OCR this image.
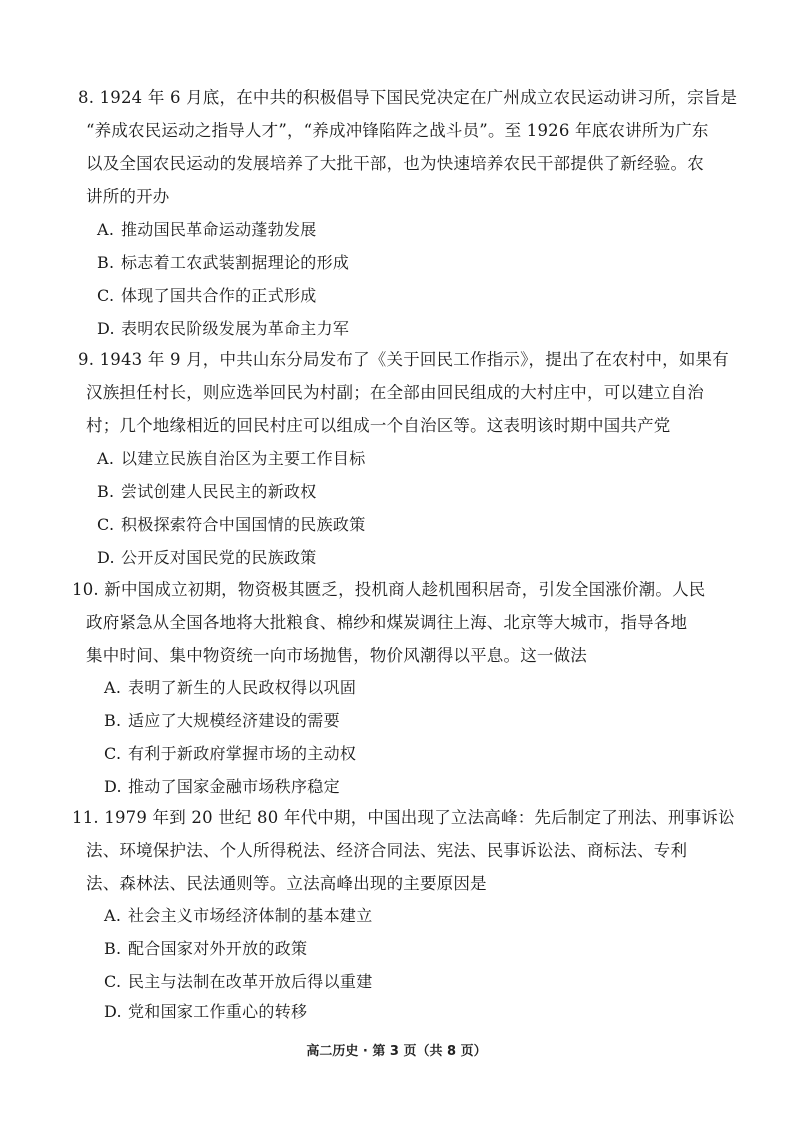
8. 1924 年 6 月底，在中共的积极倡导下国民党决定在广州成立农民运动讲习所，宗旨是
“养成农民运动之指导人才”，“养成冲锋陷阵之战斗员”。至 1926 年底农讲所为广东
以及全国农民运动的发展培养了大批干部，也为快速培养农民干部提供了新经验。农
讲所的开办
A. 推动国民革命运动蓬勃发展
B. 标志着工农武装割据理论的形成
C. 体现了国共合作的正式形成
D. 表明农民阶级发展为革命主力军
9. 1943 年 9 月，中共山东分局发布了《关于回民工作指示》，提出了在农村中，如果有
汉族担任村长，则应选举回民为村副；在全部由回民组成的大村庄中，可以建立自治
村；几个地缘相近的回民村庄可以组成一个自治区等。这表明该时期中国共产党
A. 以建立民族自治区为主要工作目标
B. 尝试创建人民民主的新政权
C. 积极探索符合中国国情的民族政策
D. 公开反对国民党的民族政策
10. 新中国成立初期，物资极其匮乏，投机商人趁机囤积居奇，引发全国涨价潮。人民
政府紧急从全国各地将大批粮食、棉纱和煤炭调往上海、北京等大城市，指导各地
集中时间、集中物资统一向市场抛售，物价风潮得以平息。这一做法
A. 表明了新生的人民政权得以巩固
B. 适应了大规模经济建设的需要
C. 有利于新政府掌握市场的主动权
D. 推动了国家金融市场秩序稳定
11. 1979 年到 20 世纪 80 年代中期，中国出现了立法高峰：先后制定了刑法、刑事诉讼
法、环境保护法、个人所得税法、经济合同法、宪法、民事诉讼法、商标法、专利
法、森林法、民法通则等。立法高峰出现的主要原因是
A. 社会主义市场经济体制的基本建立
B. 配合国家对外开放的政策
C. 民主与法制在改革开放后得以重建
D. 党和国家工作重心的转移
高二历史 · 第 3 页（共 8 页）
